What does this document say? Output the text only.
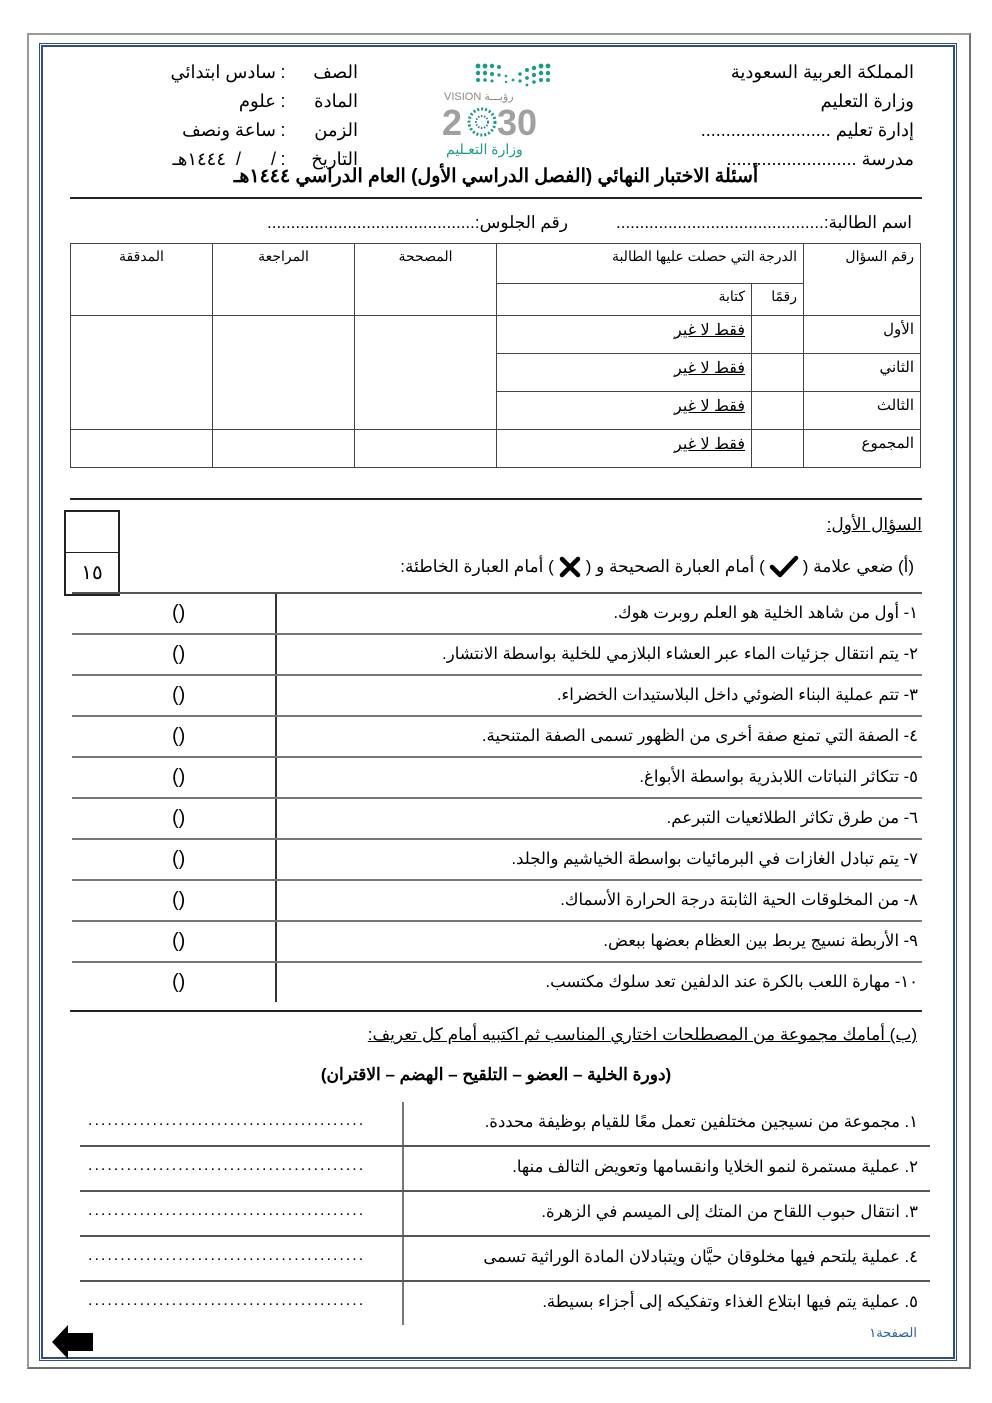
المملكة العربية السعودية
وزارة التعليم
إدارة تعليم ..........................
مدرسة ..........................
VISION رؤيـــة
2 30
وزارة التعـليم
الصف
:
سادس ابتدائي
المادة
:
علوم
الزمن
:
ساعة ونصف
التاريخ
:
/      /  ١٤٤٤هـ
أسئلة الاختبار النهائي (الفصل الدراسي الأول) العام الدراسي ١٤٤٤هـ
اسم الطالبة:............................................
رقم الجلوس:............................................
رقم السؤال	الدرجة التي حصلت عليها الطالبة		المصححة	المراجعة	المدققة
	رقمًا	كتابة			
الأول		فقط لا غير			
الثاني		فقط لا غير			
الثالث		فقط لا غير			
المجموع		فقط لا غير			
١٥
السؤال الأول:
(أ) ضعي علامة (
) أمام العبارة الصحيحة و (
) أمام العبارة الخاطئة:
١- أول من شاهد الخلية هو العلم روبرت هوك.
( )
٢- يتم انتقال جزئيات الماء عبر العشاء البلازمي للخلية بواسطة الانتشار.
( )
٣- تتم عملية البناء الضوئي داخل البلاستيدات الخضراء.
( )
٤- الصفة التي تمنع صفة أخرى من الظهور تسمى الصفة المتنحية.
( )
٥- تتكاثر النباتات اللابذرية بواسطة الأبواغ.
( )
٦- من طرق تكاثر الطلائعيات التبرعم.
( )
٧- يتم تبادل الغازات في البرمائيات بواسطة الخياشيم والجلد.
( )
٨- من المخلوقات الحية الثابتة درجة الحرارة الأسماك.
( )
٩- الأربطة نسيج يربط بين العظام بعضها ببعض.
( )
١٠- مهارة اللعب بالكرة عند الدلفين تعد سلوك مكتسب.
( )
(ب) أمامك مجموعة من المصطلحات اختاري المناسب ثم اكتبيه أمام كل تعريف:
(دورة الخلية – العضو – التلقيح – الهضم – الاقتران)
١. مجموعة من نسيجين مختلفين تعمل معًا للقيام بوظيفة محددة.
...........................................
٢. عملية مستمرة لنمو الخلايا وانقسامها وتعويض التالف منها.
...........................................
٣. انتقال حبوب اللقاح من المتك إلى الميسم في الزهرة.
...........................................
٤. عملية يلتحم فيها مخلوقان حيَّان ويتبادلان المادة الوراثية تسمى
...........................................
٥. عملية يتم فيها ابتلاع الغذاء وتفكيكه إلى أجزاء بسيطة.
...........................................
الصفحة١
